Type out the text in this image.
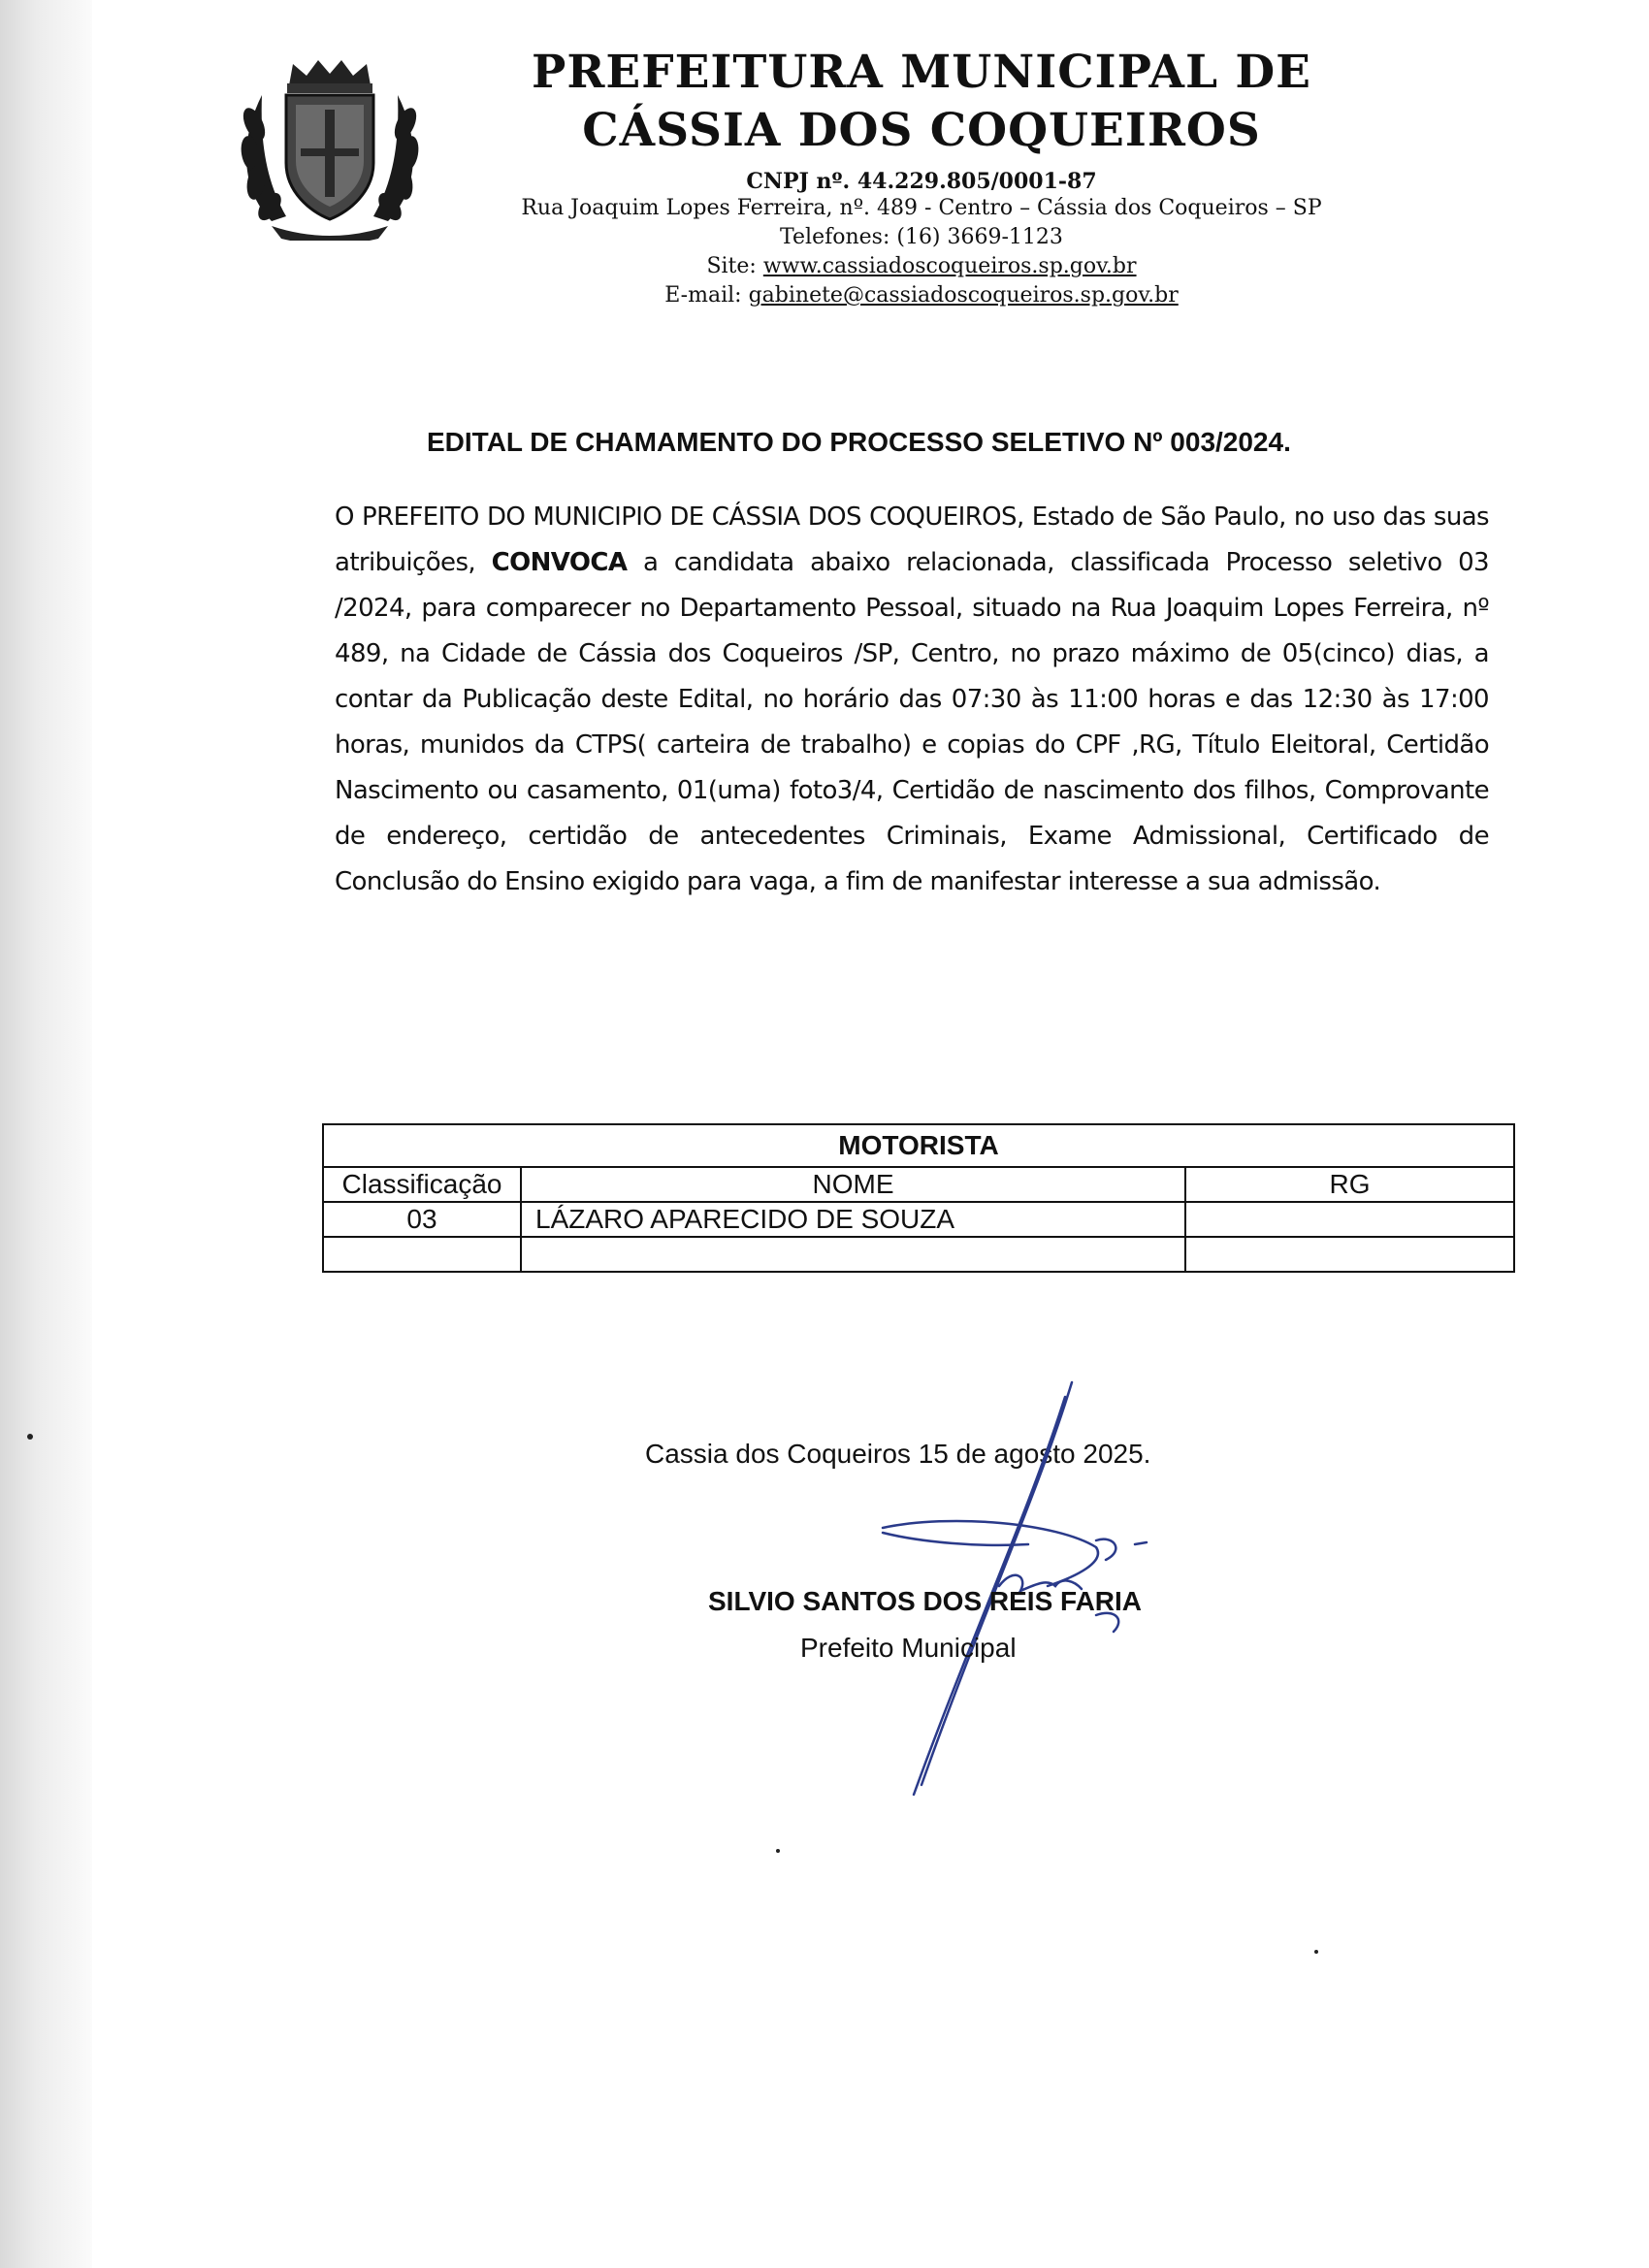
PREFEITURA MUNICIPAL DE
CÁSSIA DOS COQUEIROS
CNPJ nº. 44.229.805/0001-87
Rua Joaquim Lopes Ferreira, nº. 489 - Centro – Cássia dos Coqueiros – SP
Telefones: (16) 3669-1123
Site: www.cassiadoscoqueiros.sp.gov.br
E-mail: gabinete@cassiadoscoqueiros.sp.gov.br
EDITAL DE CHAMAMENTO DO PROCESSO SELETIVO Nº 003/2024.
O PREFEITO DO MUNICIPIO DE CÁSSIA DOS COQUEIROS, Estado de São Paulo, no uso das suas atribuições, CONVOCA a candidata abaixo relacionada, classificada Processo seletivo 03 /2024, para comparecer no Departamento Pessoal, situado na Rua Joaquim Lopes Ferreira, nº 489, na Cidade de Cássia dos Coqueiros /SP, Centro, no prazo máximo de 05(cinco) dias, a contar da Publicação deste Edital, no horário das 07:30 às 11:00 horas e das 12:30 às 17:00 horas, munidos da CTPS( carteira de trabalho) e copias do CPF ,RG, Título Eleitoral, Certidão Nascimento ou casamento, 01(uma) foto3/4, Certidão de nascimento dos filhos, Comprovante de endereço, certidão de antecedentes Criminais, Exame Admissional, Certificado de Conclusão do Ensino exigido para vaga, a fim de manifestar interesse a sua admissão.
MOTORISTA		
Classificação	NOME	RG
03	LÁZARO APARECIDO DE SOUZA	

Cassia dos Coqueiros 15 de agosto 2025.
SILVIO SANTOS DOS REIS FARIA
Prefeito Municipal
